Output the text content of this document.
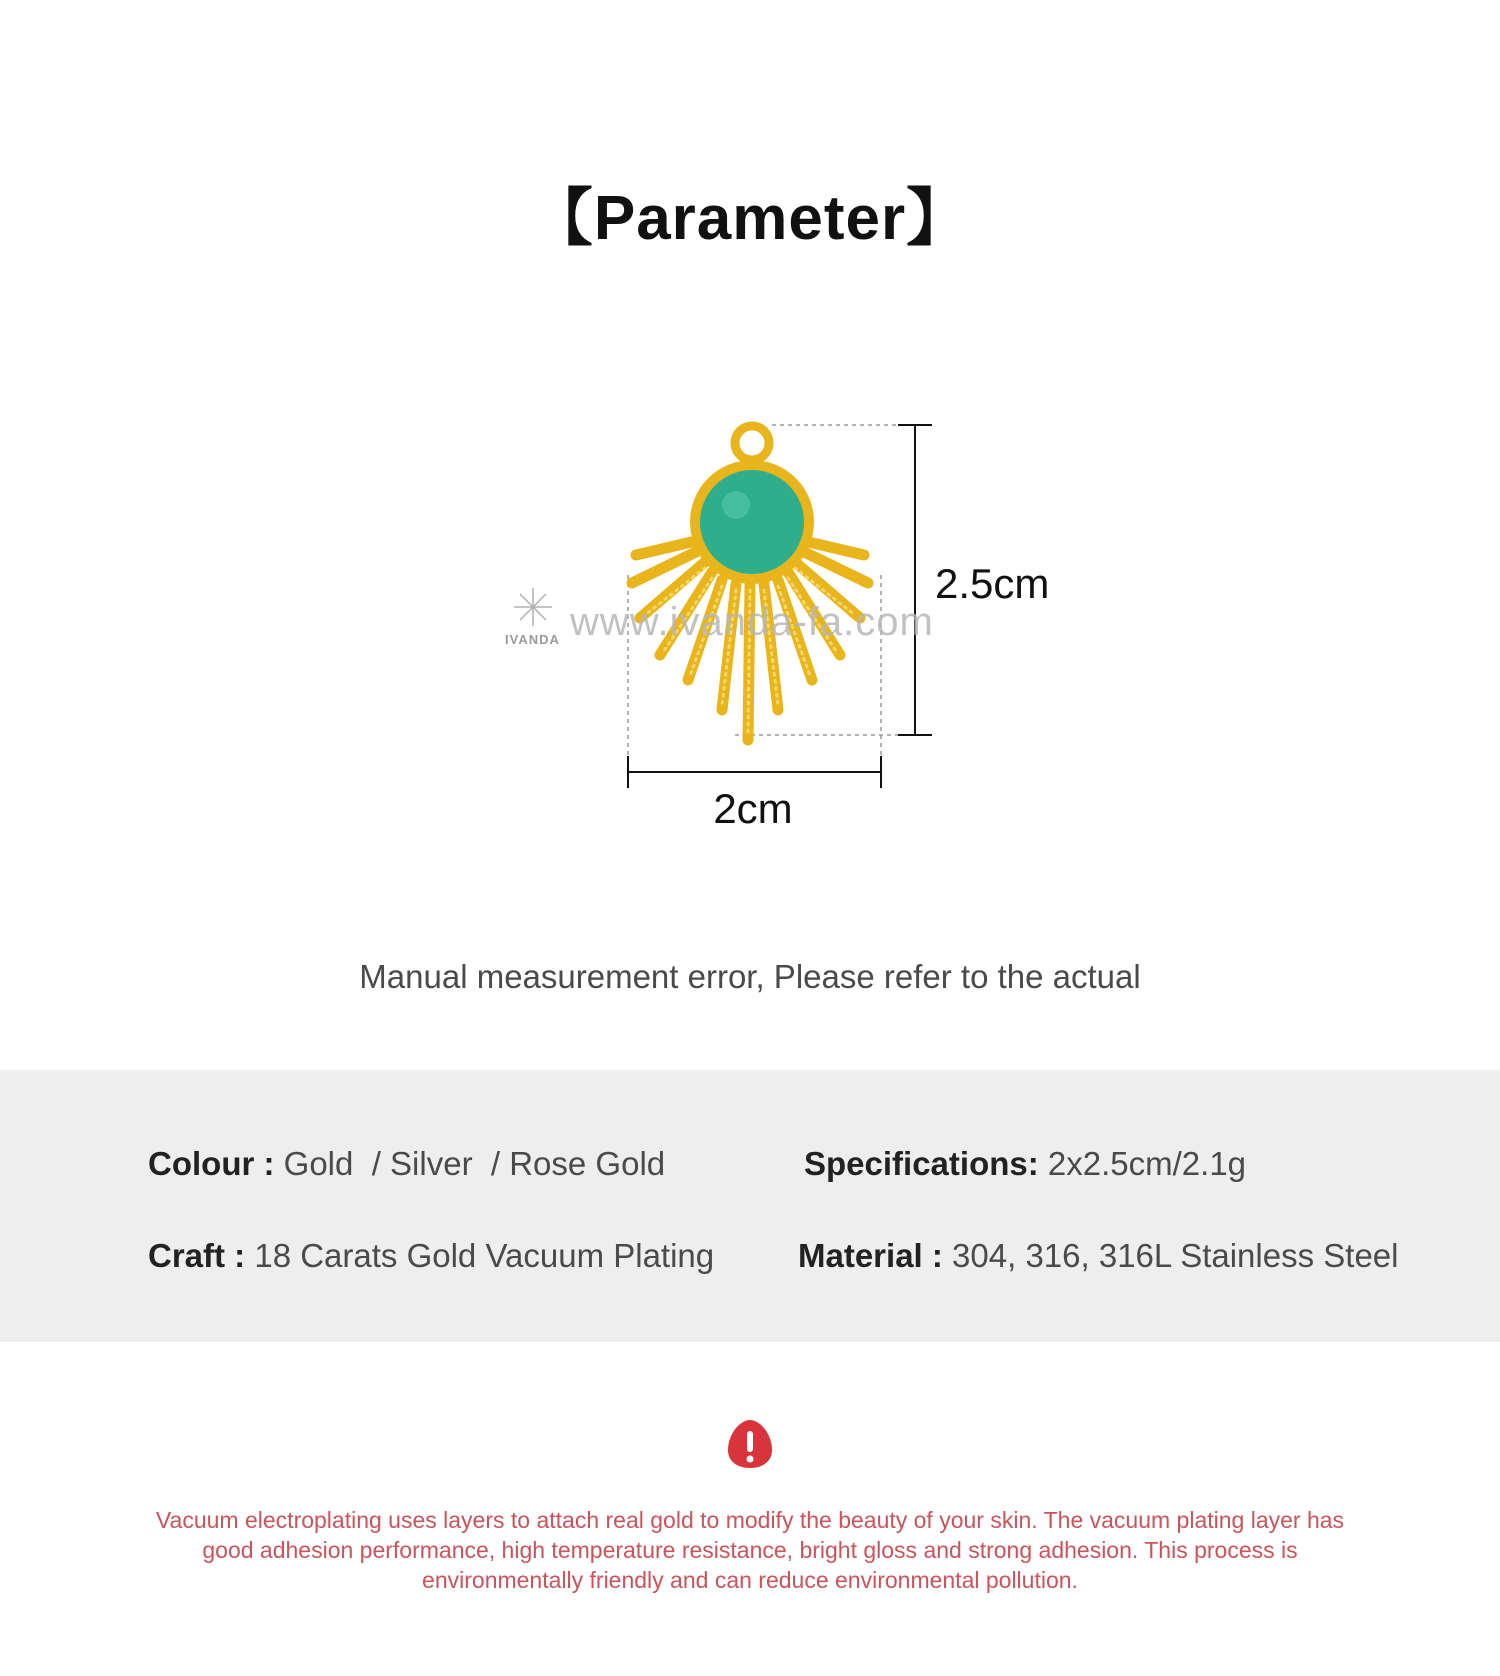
【Parameter】
www.ivanda-fa.com
IVANDA
2.5cm
2cm
Manual measurement error, Please refer to the actual
Colour : Gold  / Silver  / Rose Gold	Specifications: 2x2.5cm/2.1g
Craft : 18 Carats Gold Vacuum Plating	Material : 304, 316, 316L Stainless Steel
Vacuum electroplating uses layers to attach real gold to modify the beauty of your skin. The vacuum plating layer has good adhesion performance, high temperature resistance, bright gloss and strong adhesion. This process is environmentally friendly and can reduce environmental pollution.
